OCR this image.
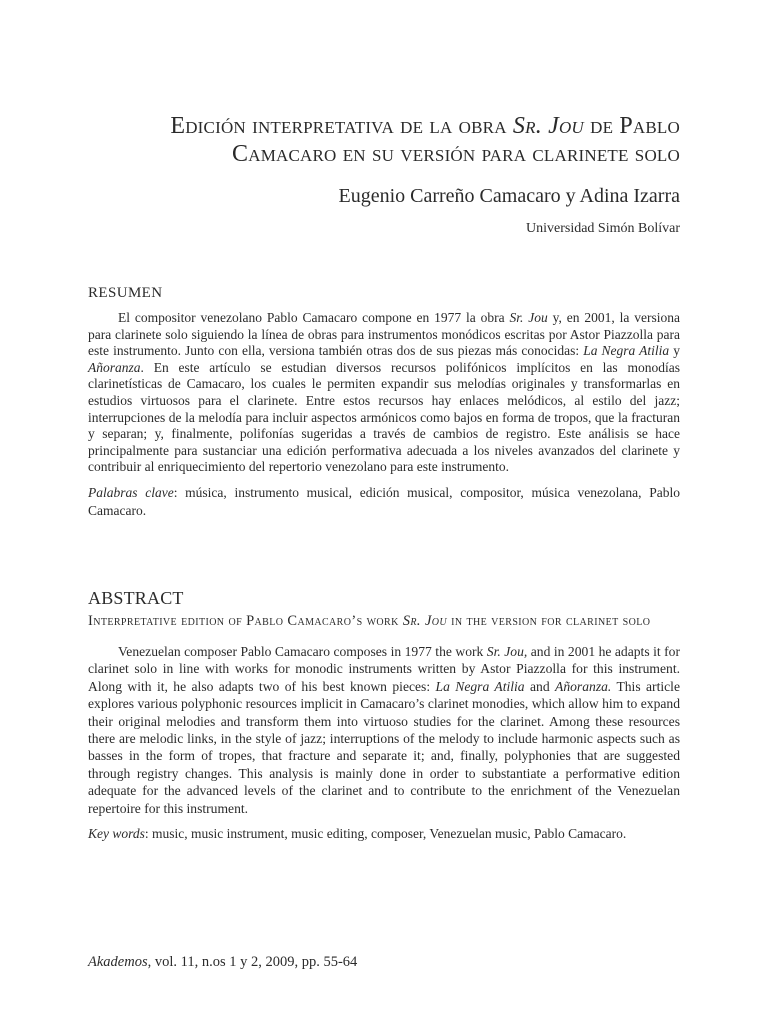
Edición interpretativa de la obra Sr. Jou de Pablo Camacaro en su versión para clarinete solo
Eugenio Carreño Camacaro y Adina Izarra
Universidad Simón Bolívar
RESUMEN

El compositor venezolano Pablo Camacaro compone en 1977 la obra Sr. Jou y, en 2001, la versiona para clarinete solo siguiendo la línea de obras para instrumentos monódicos escritas por Astor Piazzolla para este instrumento. Junto con ella, versiona también otras dos de sus piezas más conocidas: La Negra Atilia y Añoranza. En este artículo se estudian diversos recursos polifónicos implícitos en las monodías clarinetísticas de Camacaro, los cuales le permiten expandir sus melodías originales y transformarlas en estudios virtuosos para el clarinete. Entre estos recursos hay enlaces melódicos, al estilo del jazz; interrupciones de la melodía para incluir aspectos armónicos como bajos en forma de tropos, que la fracturan y separan; y, finalmente, polifonías sugeridas a través de cambios de registro. Este análisis se hace principalmente para sustanciar una edición performativa adecuada a los niveles avanzados del clarinete y contribuir al enriquecimiento del repertorio venezolano para este instrumento.

Palabras clave: música, instrumento musical, edición musical, compositor, música venezolana, Pablo Camacaro.

ABSTRACT
Interpretative edition of Pablo Camacaro’s work Sr. Jou in the version for clarinet solo

Venezuelan composer Pablo Camacaro composes in 1977 the work Sr. Jou, and in 2001 he adapts it for clarinet solo in line with works for monodic instruments written by Astor Piazzolla for this instrument. Along with it, he also adapts two of his best known pieces: La Negra Atilia and Añoranza. This article explores various polyphonic resources implicit in Camacaro’s clarinet monodies, which allow him to expand their original melodies and transform them into virtuoso studies for the clarinet. Among these resources there are melodic links, in the style of jazz; interruptions of the melody to include harmonic aspects such as basses in the form of tropes, that fracture and separate it; and, finally, polyphonies that are suggested through registry changes. This analysis is mainly done in order to substantiate a performative edition adequate for the advanced levels of the clarinet and to contribute to the enrichment of the Venezuelan repertoire for this instrument.

Key words: music, music instrument, music editing, composer, Venezuelan music, Pablo Camacaro.

Akademos, vol. 11, n.os 1 y 2, 2009, pp. 55-64
